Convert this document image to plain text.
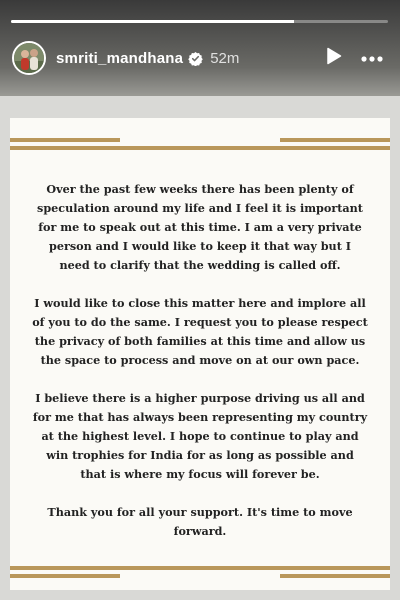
smriti_mandhana 52m

Over the past few weeks there has been plenty of speculation around my life and I feel it is important for me to speak out at this time. I am a very private person and I would like to keep it that way but I need to clarify that the wedding is called off.

I would like to close this matter here and implore all of you to do the same. I request you to please respect the privacy of both families at this time and allow us the space to process and move on at our own pace.

I believe there is a higher purpose driving us all and for me that has always been representing my country at the highest level. I hope to continue to play and win trophies for India for as long as possible and that is where my focus will forever be.

Thank you for all your support. It's time to move forward.
